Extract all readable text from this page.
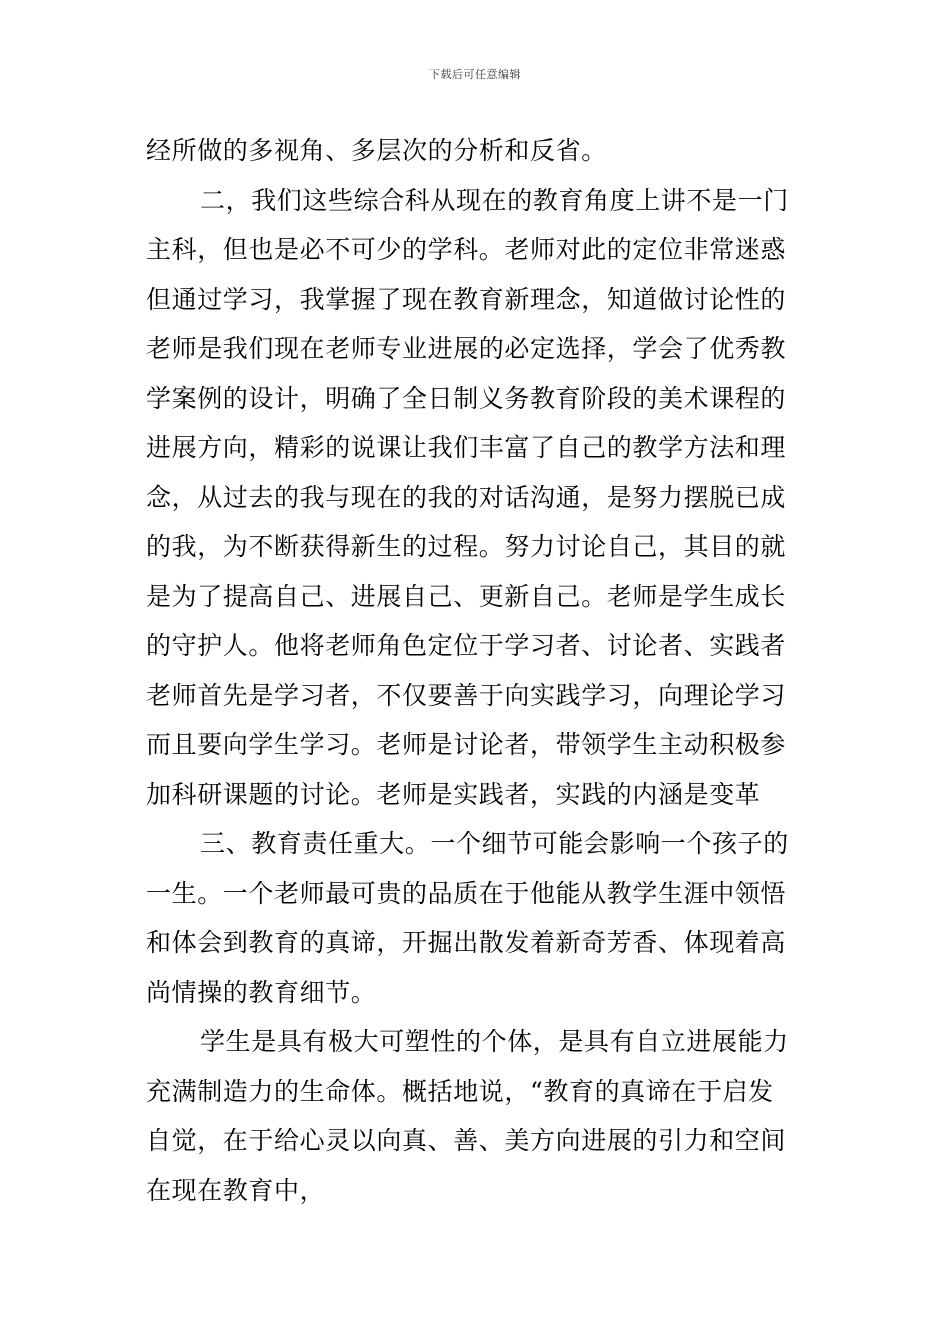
下载后可任意编辑
经所做的多视角、多层次的分析和反省。
二，我们这些综合科从现在的教育角度上讲不是一门
主科，但也是必不可少的学科。老师对此的定位非常迷惑
但通过学习，我掌握了现在教育新理念，知道做讨论性的
老师是我们现在老师专业进展的必定选择，学会了优秀教
学案例的设计，明确了全日制义务教育阶段的美术课程的
进展方向，精彩的说课让我们丰富了自己的教学方法和理
念，从过去的我与现在的我的对话沟通，是努力摆脱已成
的我，为不断获得新生的过程。努力讨论自己，其目的就
是为了提高自己、进展自己、更新自己。老师是学生成长
的守护人。他将老师角色定位于学习者、讨论者、实践者
老师首先是学习者，不仅要善于向实践学习，向理论学习
而且要向学生学习。老师是讨论者，带领学生主动积极参
加科研课题的讨论。老师是实践者，实践的内涵是变革
三、教育责任重大。一个细节可能会影响一个孩子的
一生。一个老师最可贵的品质在于他能从教学生涯中领悟
和体会到教育的真谛，开掘出散发着新奇芳香、体现着高
尚情操的教育细节。
学生是具有极大可塑性的个体，是具有自立进展能力
充满制造力的生命体。概括地说，“教育的真谛在于启发
自觉，在于给心灵以向真、善、美方向进展的引力和空间
在现在教育中，
